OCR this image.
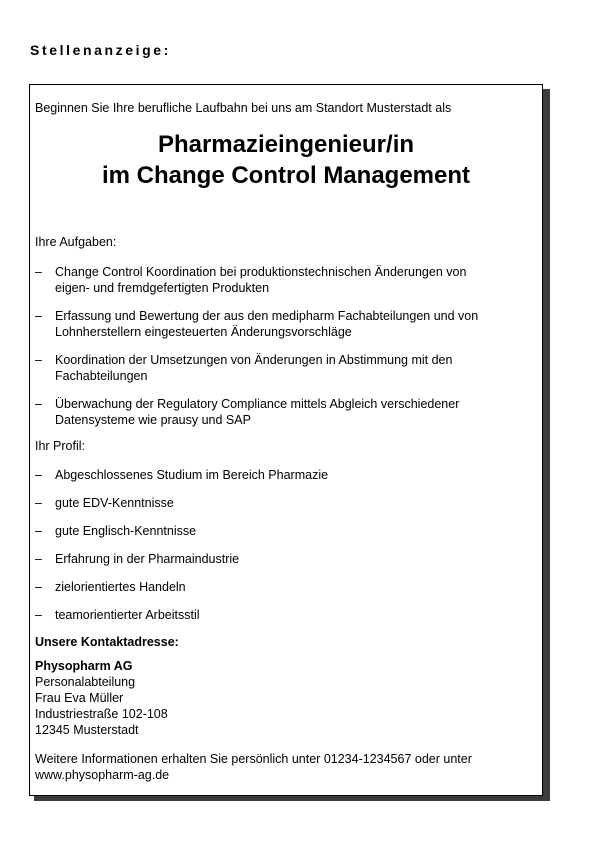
Stellenanzeige:
Beginnen Sie Ihre berufliche Laufbahn bei uns am Standort Musterstadt als
Pharmazieingenieur/in
im Change Control Management
Ihre Aufgaben:
– Change Control Koordination bei produktionstechnischen Änderungen von
eigen- und fremdgefertigten Produkten
– Erfassung und Bewertung der aus den medipharm Fachabteilungen und von
Lohnherstellern eingesteuerten Änderungsvorschläge
– Koordination der Umsetzungen von Änderungen in Abstimmung mit den
Fachabteilungen
– Überwachung der Regulatory Compliance mittels Abgleich verschiedener
Datensysteme wie prausy und SAP
Ihr Profil:
– Abgeschlossenes Studium im Bereich Pharmazie
– gute EDV-Kenntnisse
– gute Englisch-Kenntnisse
– Erfahrung in der Pharmaindustrie
– zielorientiertes Handeln
– teamorientierter Arbeitsstil
Unsere Kontaktadresse:
Physopharm AG
Personalabteilung
Frau Eva Müller
Industriestraße 102-108
12345 Musterstadt
Weitere Informationen erhalten Sie persönlich unter 01234-1234567 oder unter
www.physopharm-ag.de
